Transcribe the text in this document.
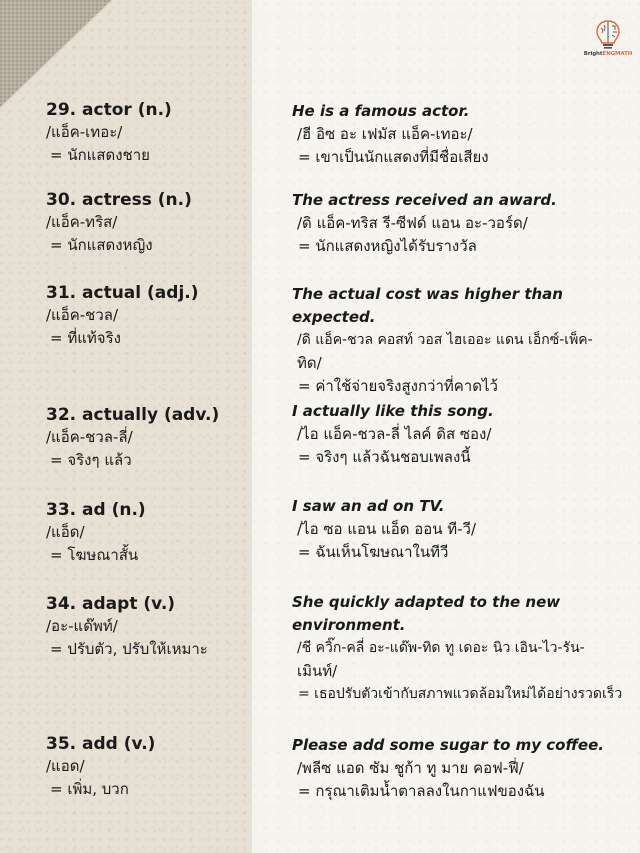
BrightENGMATH
29. actor (n.)
/แอ็ค-เทอะ/
= นักแสดงชาย
He is a famous actor.
/ฮี อิซ อะ เฟมัส แอ็ค-เทอะ/
= เขาเป็นนักแสดงที่มีชื่อเสียง
30. actress (n.)
/แอ็ค-ทริส/
= นักแสดงหญิง
The actress received an award.
/ดิ แอ็ค-ทริส รี-ซีฟด์ แอน อะ-วอร์ด/
= นักแสดงหญิงได้รับรางวัล
31. actual (adj.)
/แอ็ค-ชวล/
= ที่แท้จริง
The actual cost was higher than
expected.
/ดิ แอ็ค-ชวล คอสท์ วอส ไฮเออะ แดน เอ็กซ์-เพ็ค-
ทิด/
= ค่าใช้จ่ายจริงสูงกว่าที่คาดไว้
32. actually (adv.)
/แอ็ค-ชวล-ลี่/
= จริงๆ แล้ว
I actually like this song.
/ไอ แอ็ค-ชวล-ลี่ ไลค์ ดิส ซอง/
= จริงๆ แล้วฉันชอบเพลงนี้
33. ad (n.)
/แอ็ด/
= โฆษณาสั้น
I saw an ad on TV.
/ไอ ซอ แอน แอ็ด ออน ที-วี/
= ฉันเห็นโฆษณาในทีวี
34. adapt (v.)
/อะ-แด๊พท์/
= ปรับตัว, ปรับให้เหมาะ
She quickly adapted to the new
environment.
/ชี ควิ๊ก-คลี่ อะ-แด๊พ-ทิด ทู เดอะ นิว เอิน-ไว-รัน-
เมินท์/
= เธอปรับตัวเข้ากับสภาพแวดล้อมใหม่ได้อย่างรวดเร็ว
35. add (v.)
/แอด/
= เพิ่ม, บวก
Please add some sugar to my coffee.
/พลีซ แอด ซัม ชูก้า ทู มาย คอฟ-ฟี่/
= กรุณาเติมน้ำตาลลงในกาแฟของฉัน
